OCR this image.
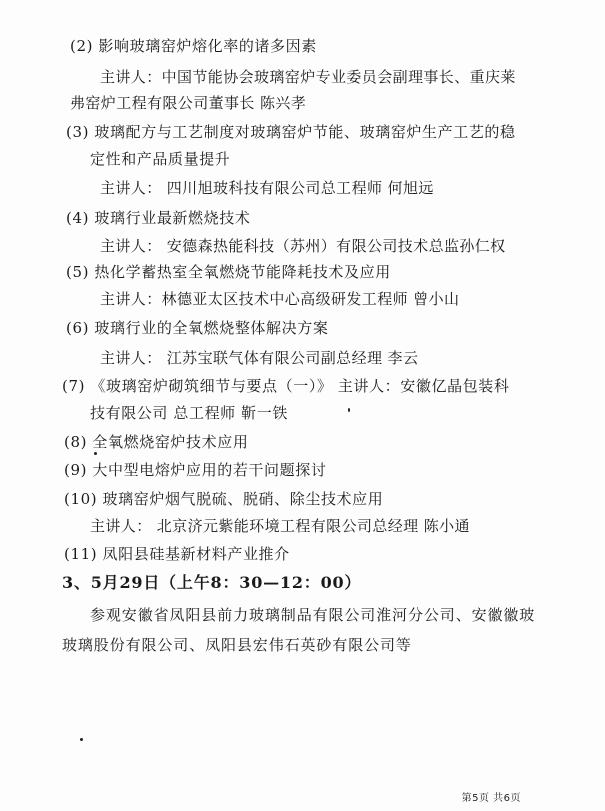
(2) 影响玻璃窑炉熔化率的诸多因素
主讲人：中国节能协会玻璃窑炉专业委员会副理事长、重庆莱
弗窑炉工程有限公司董事长 陈兴孝
(3) 玻璃配方与工艺制度对玻璃窑炉节能、玻璃窑炉生产工艺的稳
定性和产品质量提升
主讲人： 四川旭玻科技有限公司总工程师 何旭远
(4) 玻璃行业最新燃烧技术
主讲人： 安德森热能科技（苏州）有限公司技术总监孙仁权
(5) 热化学蓄热室全氧燃烧节能降耗技术及应用
主讲人：林德亚太区技术中心高级研发工程师 曾小山
(6) 玻璃行业的全氧燃烧整体解决方案
主讲人： 江苏宝联气体有限公司副总经理 李云
(7) 《玻璃窑炉砌筑细节与要点（一）》 主讲人：安徽亿晶包装科
技有限公司 总工程师 靳一铁
(8) 全氧燃烧窑炉技术应用
(9) 大中型电熔炉应用的若干问题探讨
(10) 玻璃窑炉烟气脱硫、脱硝、除尘技术应用
主讲人： 北京济元紫能环境工程有限公司总经理 陈小通
(11) 凤阳县硅基新材料产业推介
3、5月29日（上午8：30—12：00）
参观安徽省凤阳县前力玻璃制品有限公司淮河分公司、安徽徽玻
玻璃股份有限公司、凤阳县宏伟石英砂有限公司等
第5页 共6页
